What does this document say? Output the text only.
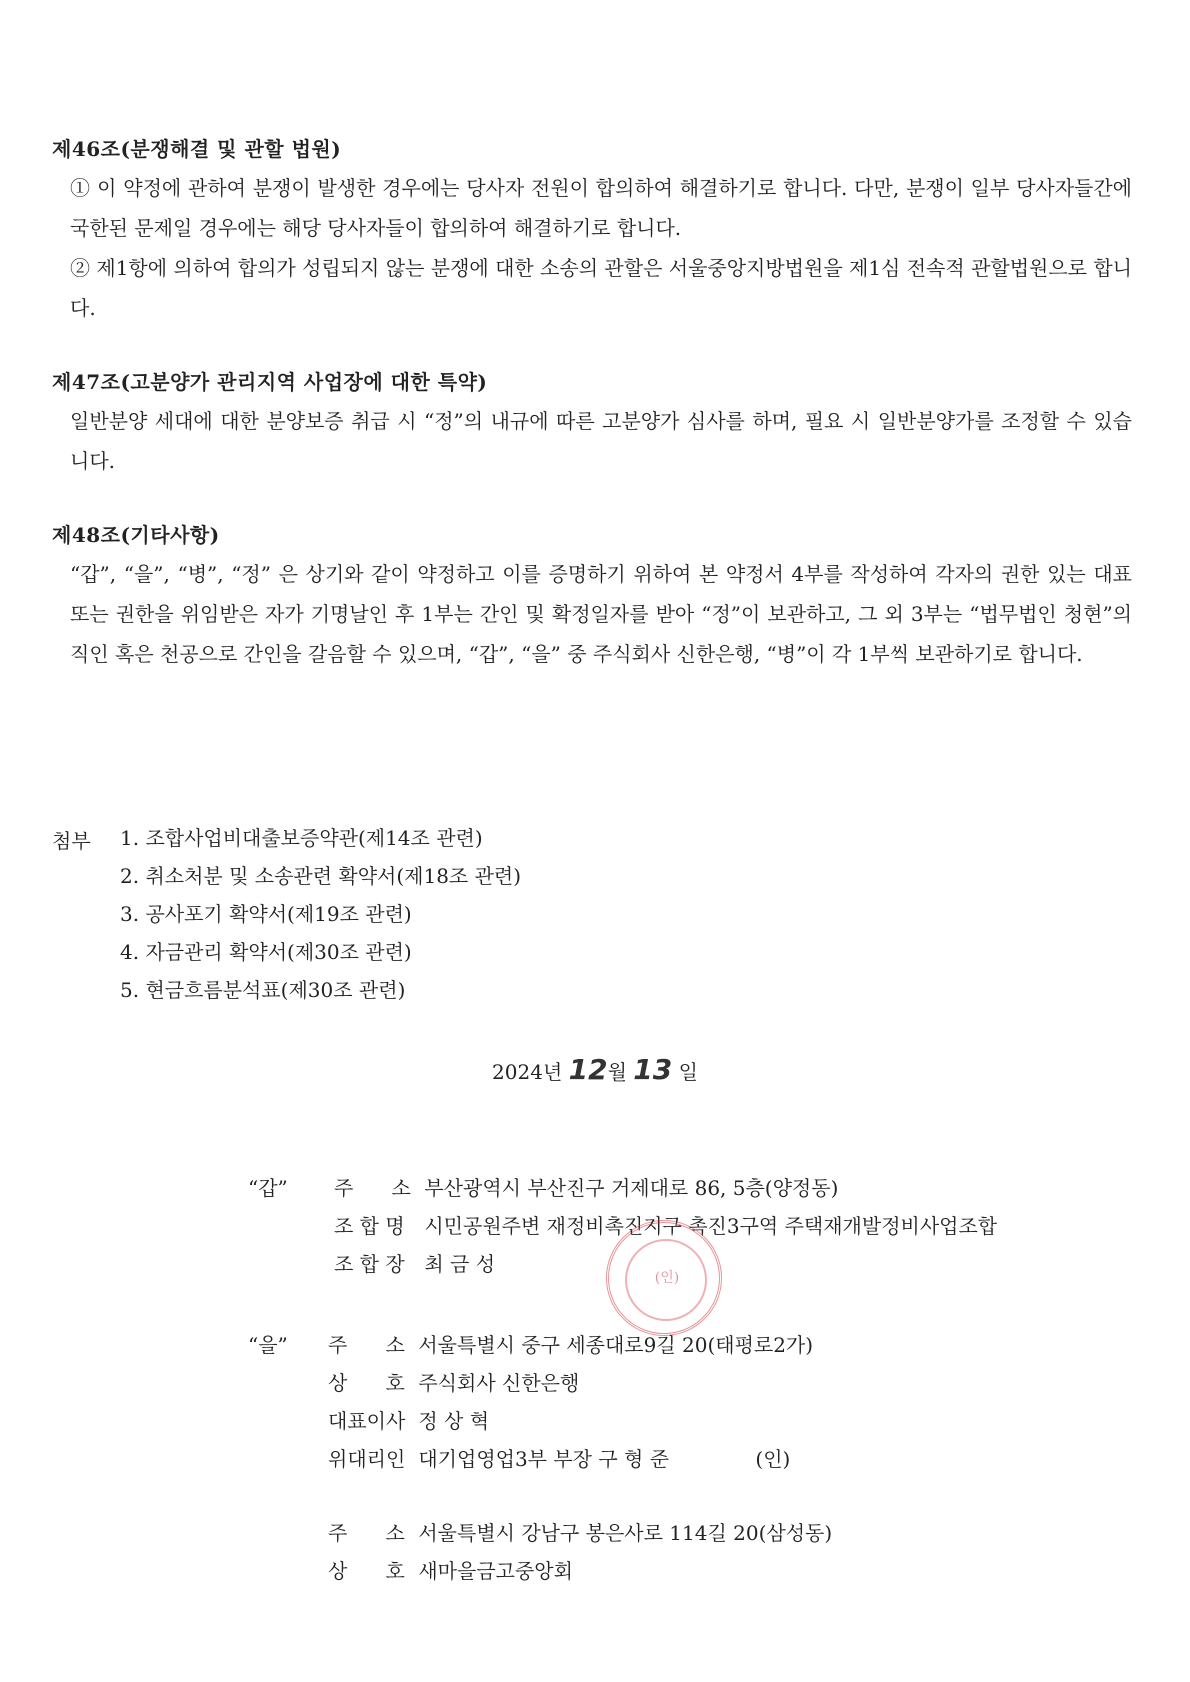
제46조(분쟁해결 및 관할 법원)

① 이 약정에 관하여 분쟁이 발생한 경우에는 당사자 전원이 합의하여 해결하기로 합니다. 다만, 분쟁이 일부 당사자들간에 국한된 문제일 경우에는 해당 당사자들이 합의하여 해결하기로 합니다.

② 제1항에 의하여 합의가 성립되지 않는 분쟁에 대한 소송의 관할은 서울중앙지방법원을 제1심 전속적 관할법원으로 합니다.

제47조(고분양가 관리지역 사업장에 대한 특약)

일반분양 세대에 대한 분양보증 취급 시 “정”의 내규에 따른 고분양가 심사를 하며, 필요 시 일반분양가를 조정할 수 있습니다.

제48조(기타사항)

“갑”, “을”, “병”, “정” 은 상기와 같이 약정하고 이를 증명하기 위하여 본 약정서 4부를 작성하여 각자의 권한 있는 대표 또는 권한을 위임받은 자가 기명날인 후 1부는 간인 및 확정일자를 받아 “정”이 보관하고, 그 외 3부는 “법무법인 청현”의 직인 혹은 천공으로 간인을 갈음할 수 있으며, “갑”, “을” 중 주식회사 신한은행, “병”이 각 1부씩 보관하기로 합니다.

첨부 1. 조합사업비대출보증약관(제14조 관련)
2. 취소처분 및 소송관련 확약서(제18조 관련)
3. 공사포기 확약서(제19조 관련)
4. 자금관리 확약서(제30조 관련)
5. 현금흐름분석표(제30조 관련)
2024년 12월 13 일
“갑” 주      소 부산광역시 부산진구 거제대로 86, 5층(양정동)
조 합 명 시민공원주변 재정비촉진지구 촉진3구역 주택재개발정비사업조합
조 합 장 최 금 성
(인)
“을” 주      소 서울특별시 중구 세종대로9길 20(태평로2가)
상      호 주식회사 신한은행
대표이사 정 상 혁
위대리인 대기업영업3부 부장 구 형 준	(인)
주      소 서울특별시 강남구 봉은사로 114길 20(삼성동)
상      호 새마을금고중앙회
